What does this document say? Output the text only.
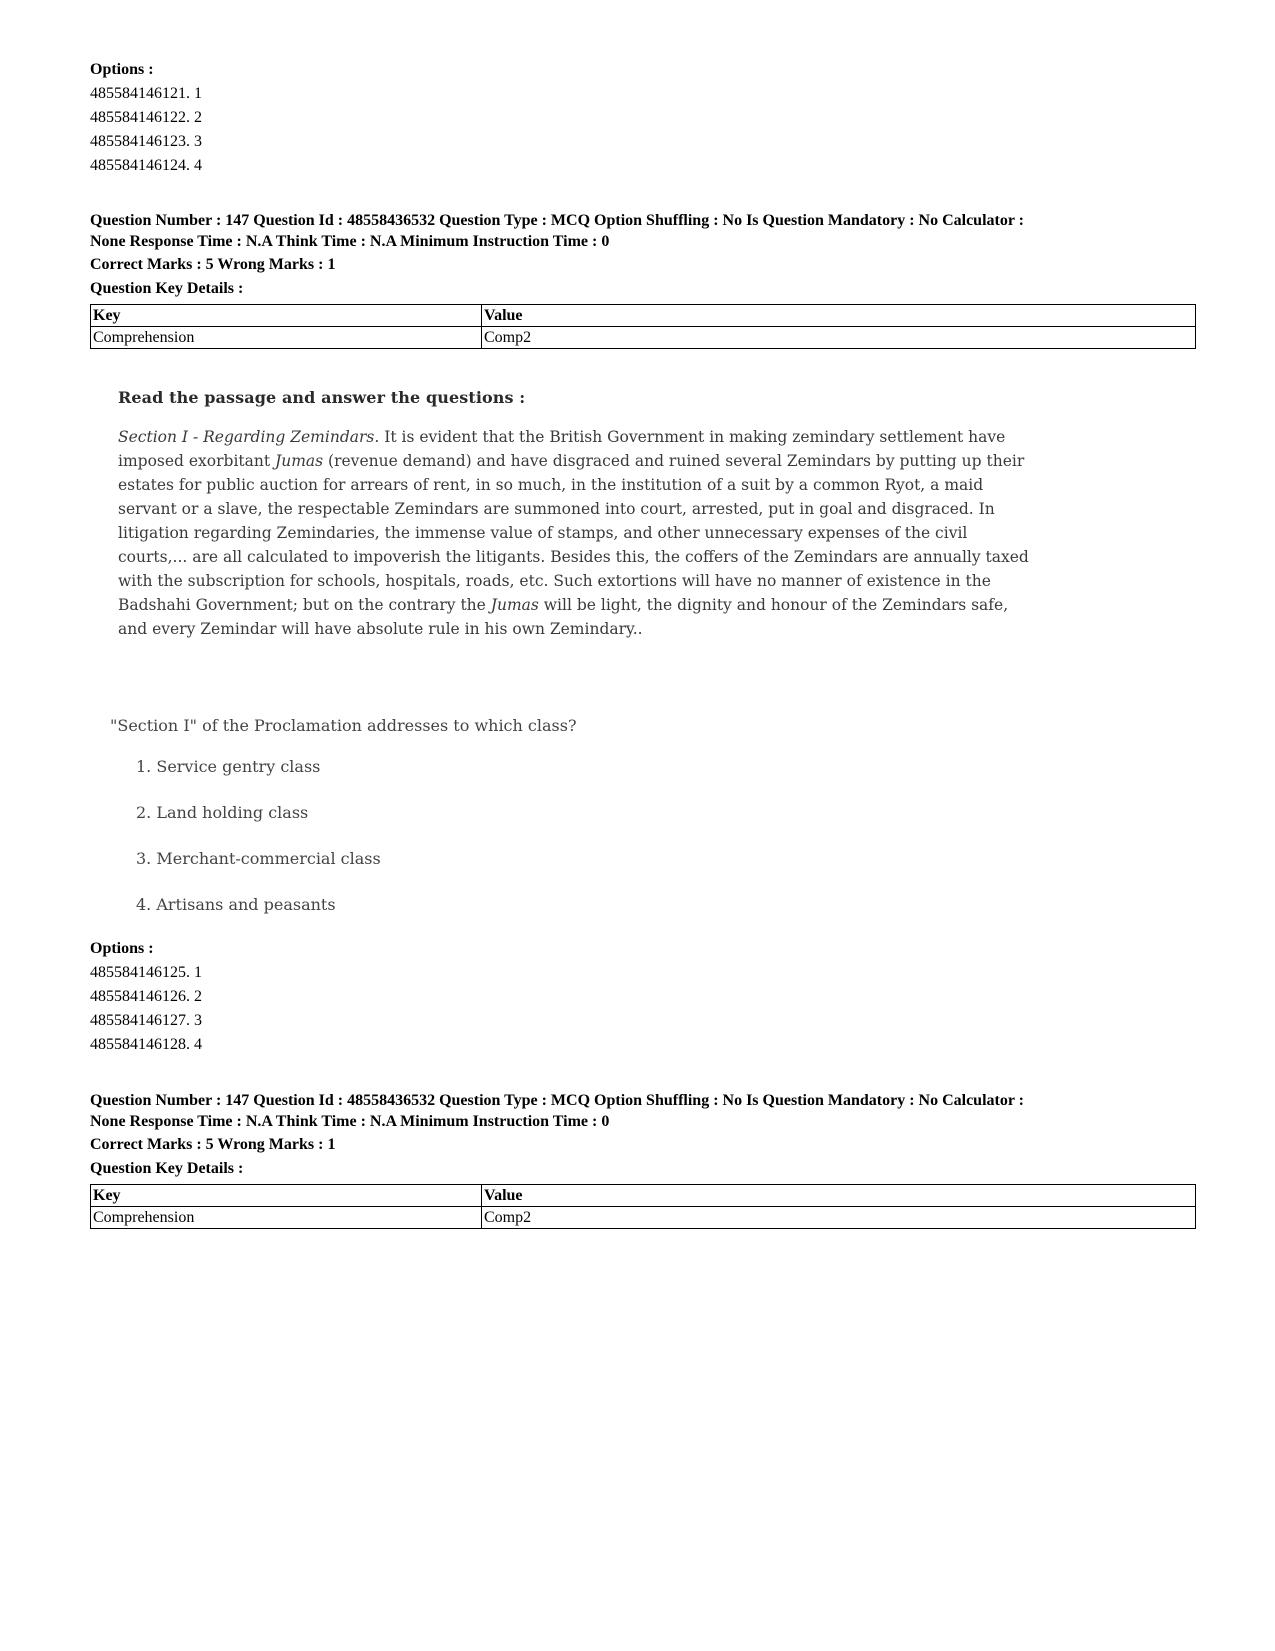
Options :
485584146121. 1
485584146122. 2
485584146123. 3
485584146124. 4
Question Number : 147 Question Id : 48558436532 Question Type : MCQ Option Shuffling : No Is Question Mandatory : No Calculator :
None Response Time : N.A Think Time : N.A Minimum Instruction Time : 0
Correct Marks : 5 Wrong Marks : 1
Question Key Details :
Key	Value
Comprehension	Comp2
Read the passage and answer the questions :
Section I - Regarding Zemindars. It is evident that the British Government in making zemindary settlement have imposed exorbitant Jumas (revenue demand) and have disgraced and ruined several Zemindars by putting up their estates for public auction for arrears of rent, in so much, in the institution of a suit by a common Ryot, a maid servant or a slave, the respectable Zemindars are summoned into court, arrested, put in goal and disgraced. In litigation regarding Zemindaries, the immense value of stamps, and other unnecessary expenses of the civil courts,... are all calculated to impoverish the litigants. Besides this, the coffers of the Zemindars are annually taxed with the subscription for schools, hospitals, roads, etc. Such extortions will have no manner of existence in the Badshahi Government; but on the contrary the Jumas will be light, the dignity and honour of the Zemindars safe, and every Zemindar will have absolute rule in his own Zemindary..
"Section I" of the Proclamation addresses to which class?
1. Service gentry class
2. Land holding class
3. Merchant-commercial class
4. Artisans and peasants
Options :
485584146125. 1
485584146126. 2
485584146127. 3
485584146128. 4
Question Number : 147 Question Id : 48558436532 Question Type : MCQ Option Shuffling : No Is Question Mandatory : No Calculator :
None Response Time : N.A Think Time : N.A Minimum Instruction Time : 0
Correct Marks : 5 Wrong Marks : 1
Question Key Details :
Key	Value
Comprehension	Comp2
